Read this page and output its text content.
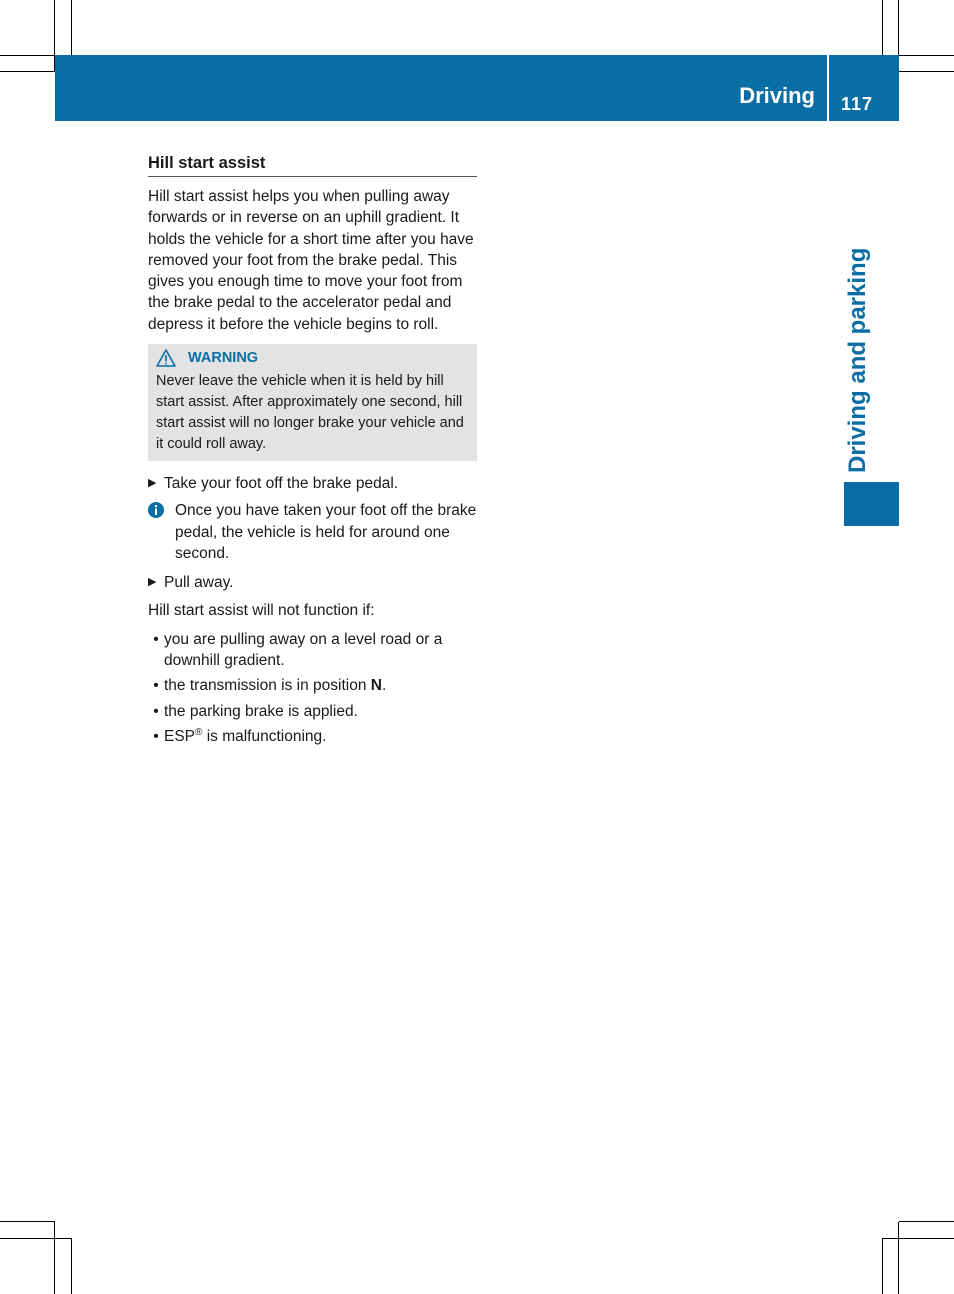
Driving 117
Driving and parking
Hill start assist

Hill start assist helps you when pulling away forwards or in reverse on an uphill gradient. It holds the vehicle for a short time after you have removed your foot from the brake pedal. This gives you enough time to move your foot from the brake pedal to the accelerator pedal and depress it before the vehicle begins to roll.

WARNING

Never leave the vehicle when it is held by hill start assist. After approximately one second, hill start assist will no longer brake your vehicle and it could roll away.

▶ Take your foot off the brake pedal.
Once you have taken your foot off the brake pedal, the vehicle is held for around one second.
▶ Pull away.

Hill start assist will not function if:

• you are pulling away on a level road or a downhill gradient.
• the transmission is in position N.
• the parking brake is applied.
• ESP® is malfunctioning.
